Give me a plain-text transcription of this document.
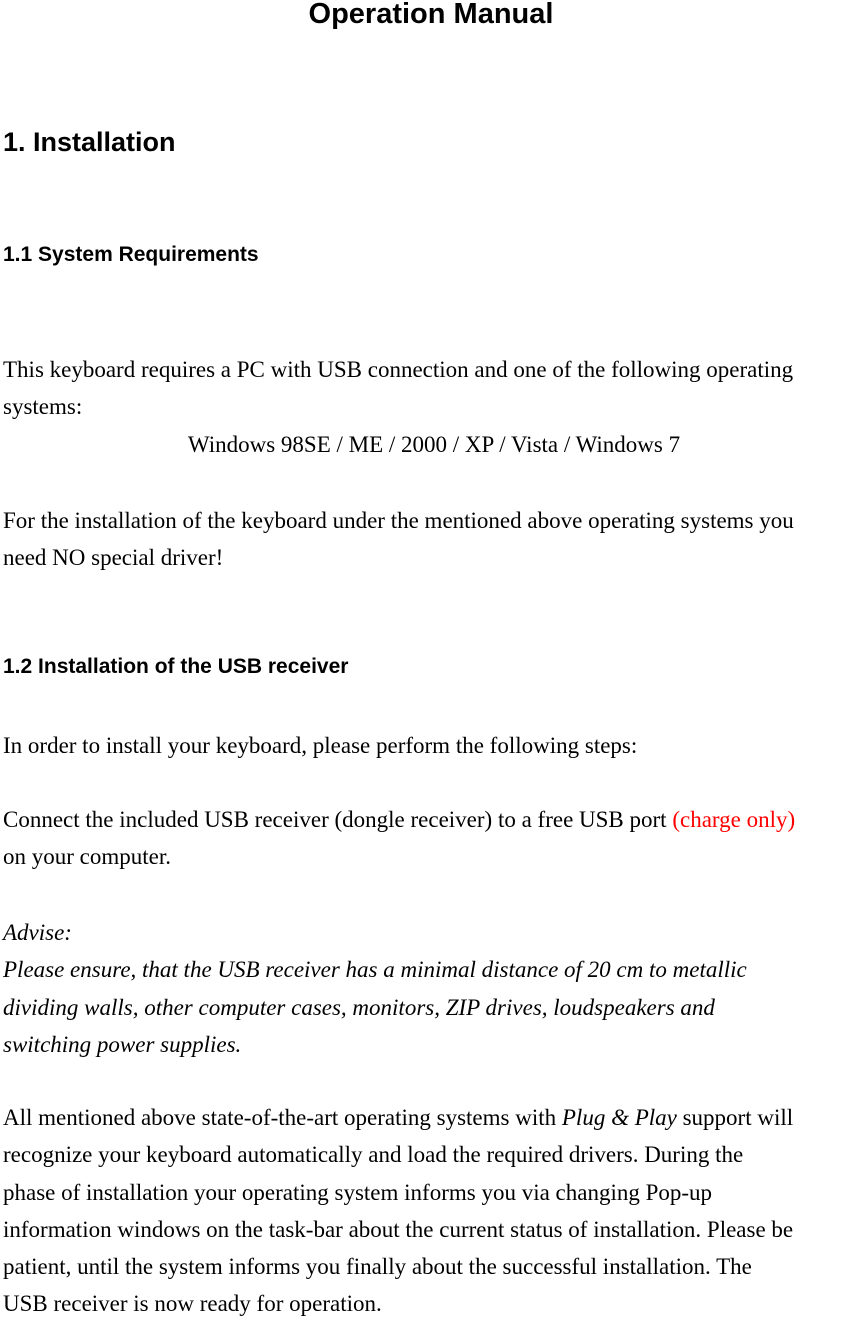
Operation Manual
1. Installation
1.1 System Requirements

This keyboard requires a PC with USB connection and one of the following operating
systems:
Windows 98SE / ME / 2000 / XP / Vista / Windows 7

For the installation of the keyboard under the mentioned above operating systems you
need NO special driver!

1.2 Installation of the USB receiver

In order to install your keyboard, please perform the following steps:

Connect the included USB receiver (dongle receiver) to a free USB port (charge only)
on your computer.

Advise:
Please ensure, that the USB receiver has a minimal distance of 20 cm to metallic
dividing walls, other computer cases, monitors, ZIP drives, loudspeakers and
switching power supplies.

All mentioned above state-of-the-art operating systems with Plug & Play support will
recognize your keyboard automatically and load the required drivers. During the
phase of installation your operating system informs you via changing Pop-up
information windows on the task-bar about the current status of installation. Please be
patient, until the system informs you finally about the successful installation. The
USB receiver is now ready for operation.
